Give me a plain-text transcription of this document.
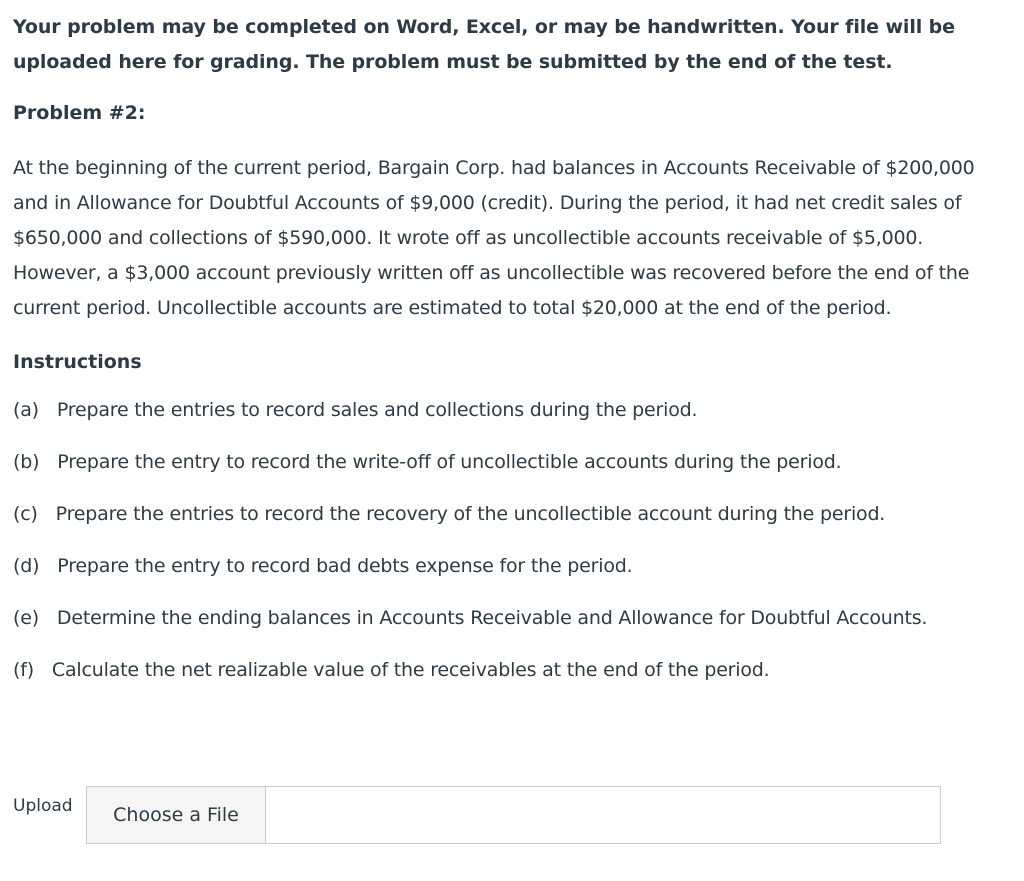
Your problem may be completed on Word, Excel, or may be handwritten. Your file will be uploaded here for grading. The problem must be submitted by the end of the test.

Problem #2:

At the beginning of the current period, Bargain Corp. had balances in Accounts Receivable of $200,000 and in Allowance for Doubtful Accounts of $9,000 (credit). During the period, it had net credit sales of $650,000 and collections of $590,000. It wrote off as uncollectible accounts receivable of $5,000. However, a $3,000 account previously written off as uncollectible was recovered before the end of the current period. Uncollectible accounts are estimated to total $20,000 at the end of the period.

Instructions

(a) Prepare the entries to record sales and collections during the period.
(b) Prepare the entry to record the write-off of uncollectible accounts during the period.
(c) Prepare the entries to record the recovery of the uncollectible account during the period.
(d) Prepare the entry to record bad debts expense for the period.
(e) Determine the ending balances in Accounts Receivable and Allowance for Doubtful Accounts.
(f) Calculate the net realizable value of the receivables at the end of the period.
Upload	Choose a File
